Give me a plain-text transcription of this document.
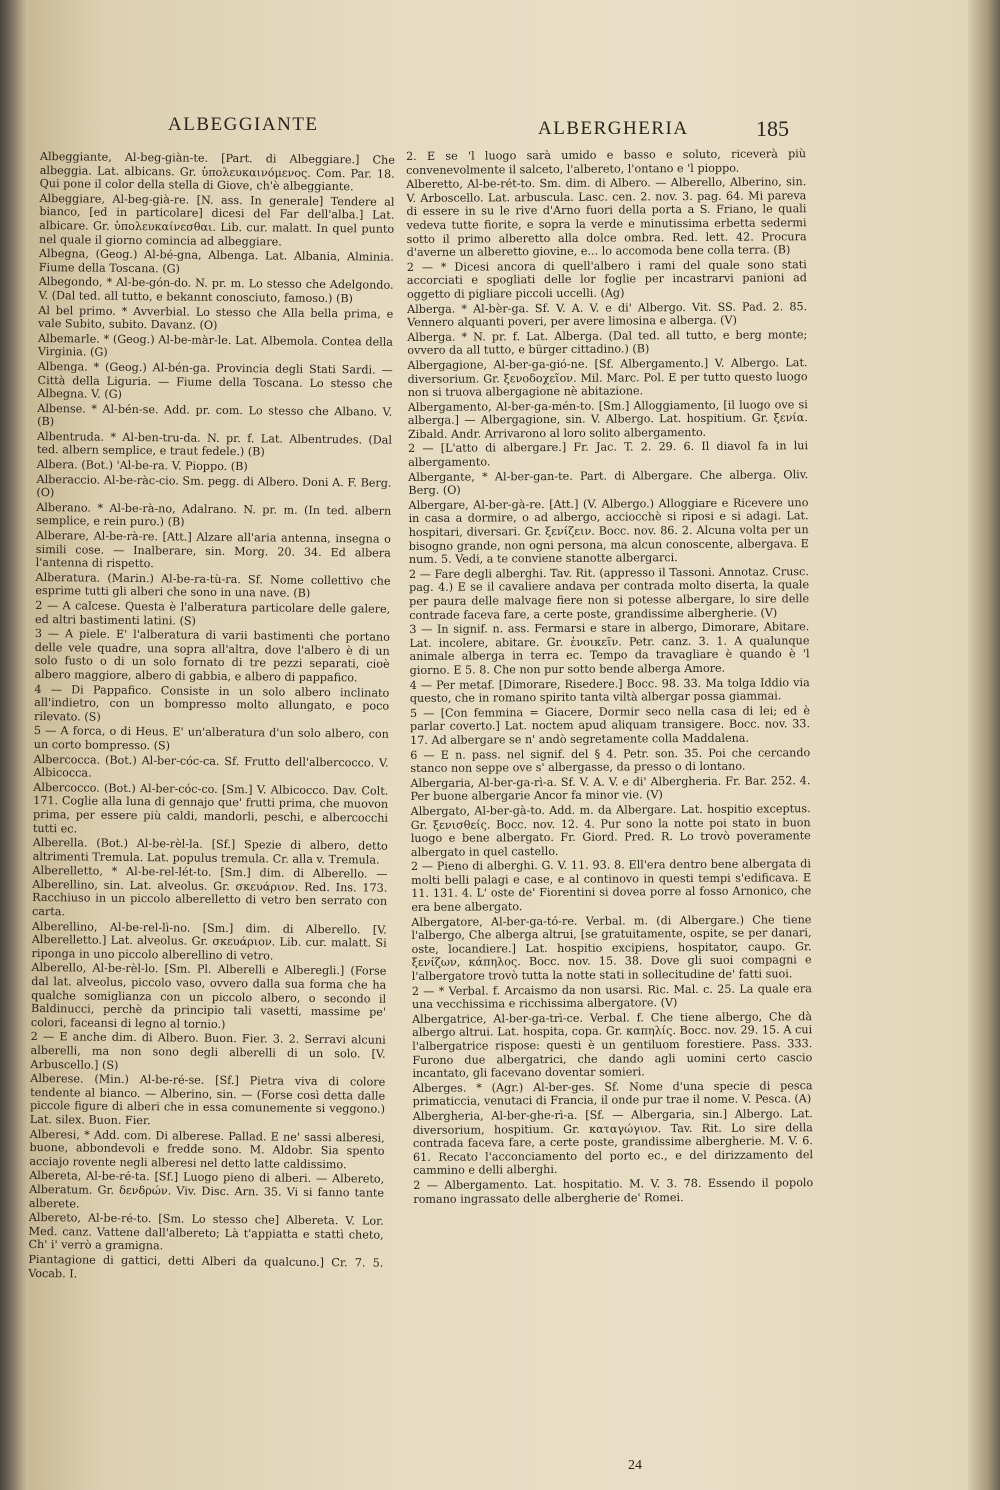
ALBEGGIANTE	ALBERGHERIA	185

Albeggiante, Al-beg-giàn-te. [Part. di Albeggiare.] Che albeggia. Lat. albicans. Gr. ὑπολευκαινόμενος. Com. Par. 18. Qui pone il color della stella di Giove, ch'è albeggiante.

Albeggiare, Al-beg-già-re. [N. ass. In generale] Tendere al bianco, [ed in particolare] dicesi del Far dell'alba.] Lat. albicare. Gr. ὑπολευκαίνεσθαι. Lib. cur. malatt. In quel punto nel quale il giorno comincia ad albeggiare.

Albegna, (Geog.) Al-bé-gna, Albenga. Lat. Albania, Alminia. Fiume della Toscana. (G)

Albegondo, * Al-be-gón-do. N. pr. m. Lo stesso che Adelgondo. V. (Dal ted. all tutto, e bekannt conosciuto, famoso.) (B)

Al bel primo. * Avverbial. Lo stesso che Alla bella prima, e vale Subito, subito. Davanz. (O)

Albemarle. * (Geog.) Al-be-màr-le. Lat. Albemola. Contea della Virginia. (G)

Albenga. * (Geog.) Al-bén-ga. Provincia degli Stati Sardi. — Città della Liguria. — Fiume della Toscana. Lo stesso che Albegna. V. (G)

Albense. * Al-bén-se. Add. pr. com. Lo stesso che Albano. V. (B)

Albentruda. * Al-ben-tru-da. N. pr. f. Lat. Albentrudes. (Dal ted. albern semplice, e traut fedele.) (B)

Albera. (Bot.) 'Al-be-ra. V. Pioppo. (B)

Alberaccio. Al-be-ràc-cio. Sm. pegg. di Albero. Doni A. F. Berg. (O)

Alberano. * Al-be-rà-no, Adalrano. N. pr. m. (In ted. albern semplice, e rein puro.) (B)

Alberare, Al-be-rà-re. [Att.] Alzare all'aria antenna, insegna o simili cose. — Inalberare, sin. Morg. 20. 34. Ed albera l'antenna di rispetto.

Alberatura. (Marin.) Al-be-ra-tù-ra. Sf. Nome collettivo che esprime tutti gli alberi che sono in una nave. (B)

2 — A calcese. Questa è l'alberatura particolare delle galere, ed altri bastimenti latini. (S)

3 — A piele. E' l'alberatura di varii bastimenti che portano delle vele quadre, una sopra all'altra, dove l'albero è di un solo fusto o di un solo fornato di tre pezzi separati, cioè albero maggiore, albero di gabbia, e albero di pappafico.

4 — Di Pappafico. Consiste in un solo albero inclinato all'indietro, con un bompresso molto allungato, e poco rilevato. (S)

5 — A forca, o di Heus. E' un'alberatura d'un solo albero, con un corto bompresso. (S)

Albercocca. (Bot.) Al-ber-cóc-ca. Sf. Frutto dell'albercocco. V. Albicocca.

Albercocco. (Bot.) Al-ber-cóc-co. [Sm.] V. Albicocco. Dav. Colt. 171. Coglie alla luna di gennajo que' frutti prima, che muovon prima, per essere più caldi, mandorli, peschi, e albercocchi tutti ec.

Alberella. (Bot.) Al-be-rèl-la. [Sf.] Spezie di albero, detto altrimenti Tremula. Lat. populus tremula. Cr. alla v. Tremula.

Alberelletto, * Al-be-rel-lét-to. [Sm.] dim. di Alberello. — Alberellino, sin. Lat. alveolus. Gr. σκευάριον. Red. Ins. 173. Racchiuso in un piccolo alberelletto di vetro ben serrato con carta.

Alberellino, Al-be-rel-lì-no. [Sm.] dim. di Alberello. [V. Alberelletto.] Lat. alveolus. Gr. σκευάριον. Lib. cur. malatt. Si riponga in uno piccolo alberellino di vetro.

Alberello, Al-be-rèl-lo. [Sm. Pl. Alberelli e Alberegli.] (Forse dal lat. alveolus, piccolo vaso, ovvero dalla sua forma che ha qualche somiglianza con un piccolo albero, o secondo il Baldinucci, perchè da principio tali vasetti, massime pe' colori, faceansi di legno al tornio.)

2 — E anche dim. di Albero. Buon. Fier. 3. 2. Serravi alcuni alberelli, ma non sono degli alberelli di un solo. [V. Arbuscello.] (S)

Alberese. (Min.) Al-be-ré-se. [Sf.] Pietra viva di colore tendente al bianco. — Alberino, sin. — (Forse così detta dalle piccole figure di alberi che in essa comunemente si veggono.) Lat. silex. Buon. Fier.

Alberesi, * Add. com. Di alberese. Pallad. E ne' sassi alberesi, buone, abbondevoli e fredde sono. M. Aldobr. Sia spento acciajo rovente negli alberesi nel detto latte caldissimo.

Albereta, Al-be-ré-ta. [Sf.] Luogo pieno di alberi. — Albereto, Alberatum. Gr. δενδρών. Viv. Disc. Arn. 35. Vi si fanno tante alberete.

Albereto, Al-be-ré-to. [Sm. Lo stesso che] Albereta. V. Lor. Med. canz. Vattene dall'albereto; Là t'appiatta e stattì cheto, Ch' i' verrò a gramigna.

Piantagione di gattici, detti Alberi da qualcuno.] Cr. 7. 5. Vocab. I.

2. E se 'l luogo sarà umido e basso e soluto, riceverà più convenevolmente il salceto, l'albereto, l'ontano e 'l pioppo.

Alberetto, Al-be-rét-to. Sm. dim. di Albero. — Alberello, Alberino, sin. V. Arboscello. Lat. arbuscula. Lasc. cen. 2. nov. 3. pag. 64. Mi pareva di essere in su le rive d'Arno fuori della porta a S. Friano, le quali vedeva tutte fiorite, e sopra la verde e minutissima erbetta sedermi sotto il primo alberetto alla dolce ombra. Red. lett. 42. Procura d'averne un alberetto giovine, e... lo accomoda bene colla terra. (B)

2 — * Dicesi ancora di quell'albero i rami del quale sono stati accorciati e spogliati delle lor foglie per incastrarvi panioni ad oggetto di pigliare piccoli uccelli. (Ag)

Alberga. * Al-bèr-ga. Sf. V. A. V. e di' Albergo. Vit. SS. Pad. 2. 85. Vennero alquanti poveri, per avere limosina e alberga. (V)

Alberga. * N. pr. f. Lat. Alberga. (Dal ted. all tutto, e berg monte; ovvero da all tutto, e bürger cittadino.) (B)

Albergagione, Al-ber-ga-gió-ne. [Sf. Albergamento.] V. Albergo. Lat. diversorium. Gr. ξενοδοχεῖον. Mil. Marc. Pol. E per tutto questo luogo non si truova albergagione nè abitazione.

Albergamento, Al-ber-ga-mén-to. [Sm.] Alloggiamento, [il luogo ove si alberga.] — Albergagione, sin. V. Albergo. Lat. hospitium. Gr. ξενία. Zibald. Andr. Arrivarono al loro solito albergamento.

2 — [L'atto di albergare.] Fr. Jac. T. 2. 29. 6. Il diavol fa in lui albergamento.

Albergante, * Al-ber-gan-te. Part. di Albergare. Che alberga. Oliv. Berg. (O)

Albergare, Al-ber-gà-re. [Att.] (V. Albergo.) Alloggiare e Ricevere uno in casa a dormire, o ad albergo, acciocchè si riposi e si adagi. Lat. hospitari, diversari. Gr. ξενίζειν. Bocc. nov. 86. 2. Alcuna volta per un bisogno grande, non ogni persona, ma alcun conoscente, albergava. E num. 5. Vedi, a te conviene stanotte albergarci.

2 — Fare degli alberghi. Tav. Rit. (appresso il Tassoni. Annotaz. Crusc. pag. 4.) E se il cavaliere andava per contrada molto diserta, la quale per paura delle malvage fiere non si potesse albergare, lo sire delle contrade faceva fare, a certe poste, grandissime albergherie. (V)

3 — In signif. n. ass. Fermarsi e stare in albergo, Dimorare, Abitare. Lat. incolere, abitare. Gr. ἐνοικεῖν. Petr. canz. 3. 1. A qualunque animale alberga in terra ec. Tempo da travagliare è quando è 'l giorno. E 5. 8. Che non pur sotto bende alberga Amore.

4 — Per metaf. [Dimorare, Risedere.] Bocc. 98. 33. Ma tolga Iddio via questo, che in romano spirito tanta viltà albergar possa giammai.

5 — [Con femmina = Giacere, Dormir seco nella casa di lei; ed è parlar coverto.] Lat. noctem apud aliquam transigere. Bocc. nov. 33. 17. Ad albergare se n' andò segretamente colla Maddalena.

6 — E n. pass. nel signif. del § 4. Petr. son. 35. Poi che cercando stanco non seppe ove s' albergasse, da presso o di lontano.

Albergaria, Al-ber-ga-rì-a. Sf. V. A. V. e di' Albergheria. Fr. Bar. 252. 4. Per buone albergarie Ancor fa minor vie. (V)

Albergato, Al-ber-gà-to. Add. m. da Albergare. Lat. hospitio exceptus. Gr. ξενισθείς. Bocc. nov. 12. 4. Pur sono la notte poi stato in buon luogo e bene albergato. Fr. Giord. Pred. R. Lo trovò poveramente albergato in quel castello.

2 — Pieno di alberghi. G. V. 11. 93. 8. Ell'era dentro bene albergata di molti belli palagi e case, e al continovo in questi tempi s'edificava. E 11. 131. 4. L' oste de' Fiorentini si dovea porre al fosso Arnonico, che era bene albergato.

Albergatore, Al-ber-ga-tó-re. Verbal. m. (di Albergare.) Che tiene l'albergo, Che alberga altrui, [se gratuitamente, ospite, se per danari, oste, locandiere.] Lat. hospitio excipiens, hospitator, caupo. Gr. ξενίζων, κάπηλος. Bocc. nov. 15. 38. Dove gli suoi compagni e l'albergatore trovò tutta la notte stati in sollecitudine de' fatti suoi.

2 — * Verbal. f. Arcaismo da non usarsi. Ric. Mal. c. 25. La quale era una vecchissima e ricchissima albergatore. (V)

Albergatrice, Al-ber-ga-trì-ce. Verbal. f. Che tiene albergo, Che dà albergo altrui. Lat. hospita, copa. Gr. καπηλίς. Bocc. nov. 29. 15. A cui l'albergatrice rispose: questi è un gentiluom forestiere. Pass. 333. Furono due albergatrici, che dando agli uomini certo cascio incantato, gli facevano doventar somieri.

Alberges. * (Agr.) Al-ber-ges. Sf. Nome d'una specie di pesca primaticcia, venutaci di Francia, il onde pur trae il nome. V. Pesca. (A)

Albergheria, Al-ber-ghe-rì-a. [Sf. — Albergaria, sin.] Albergo. Lat. diversorium, hospitium. Gr. καταγώγιον. Tav. Rit. Lo sire della contrada faceva fare, a certe poste, grandissime albergherie. M. V. 6. 61. Recato l'acconciamento del porto ec., e del dirizzamento del cammino e delli alberghi.

2 — Albergamento. Lat. hospitatio. M. V. 3. 78. Essendo il popolo romano ingrassato delle albergherie de' Romei.

24
